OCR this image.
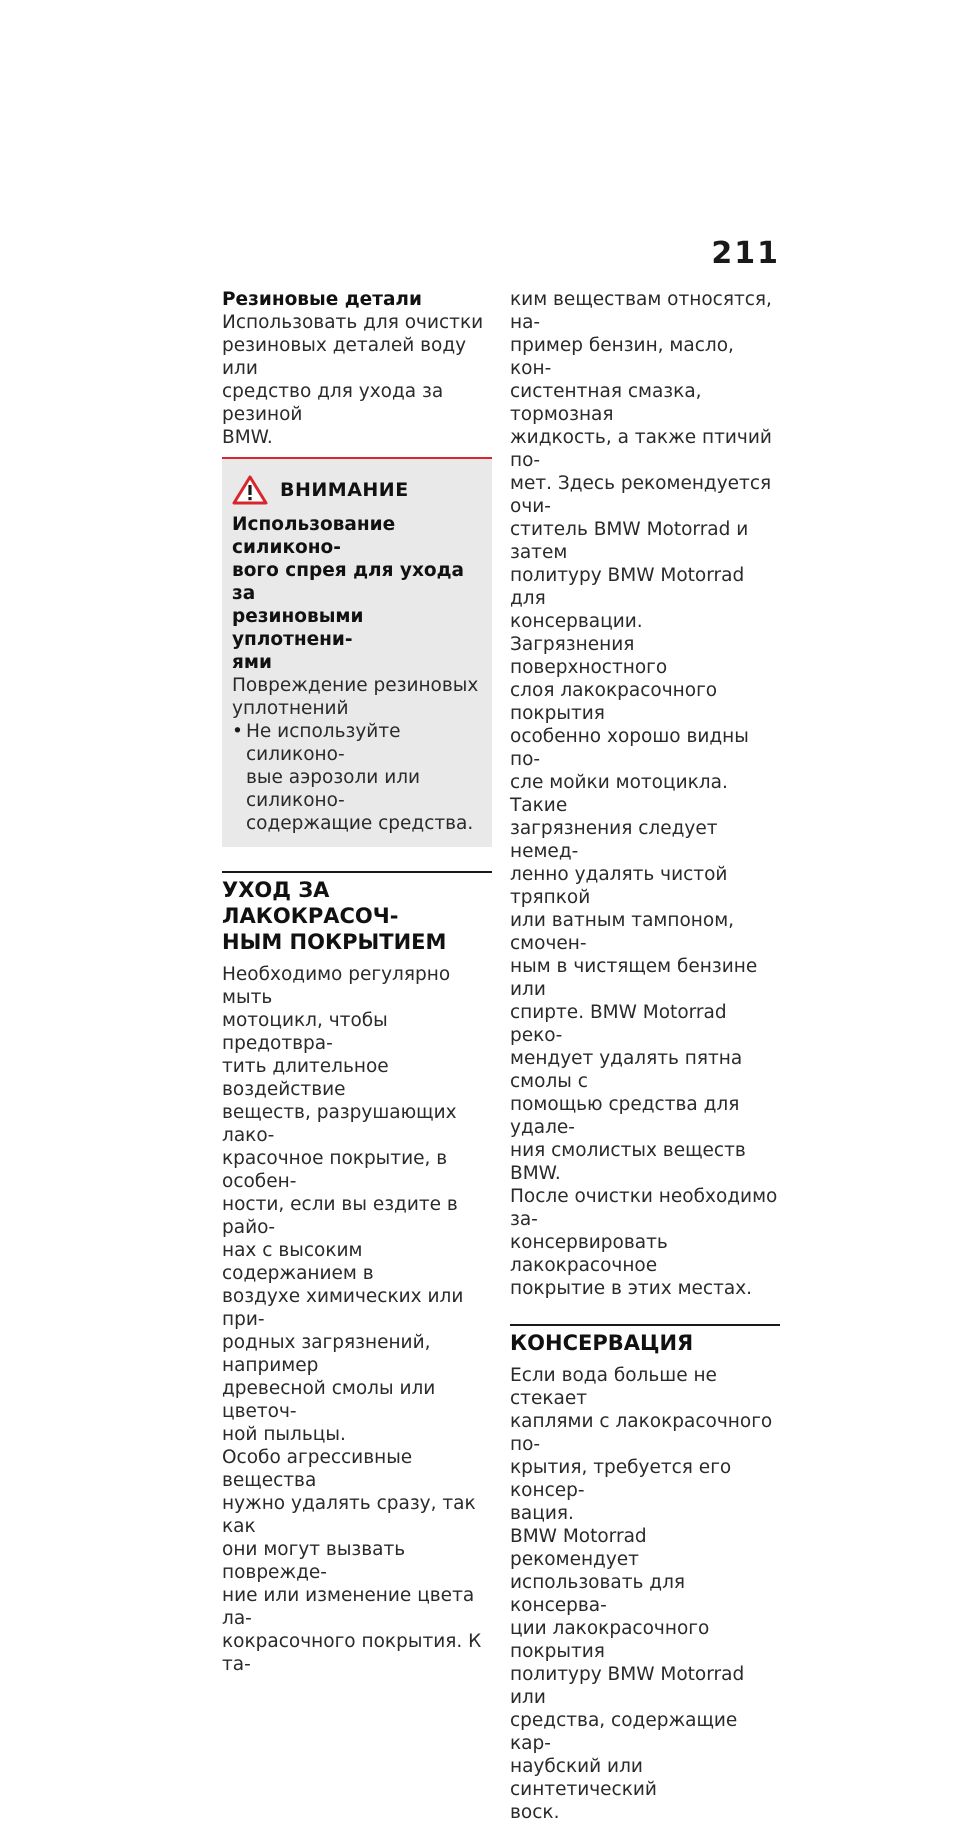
211

Резиновые детали

Использовать для очистки
резиновых деталей воду или
средство для ухода за резиной
BMW.

ВНИМАНИЕ

Использование силиконо-
вого спрея для ухода за
резиновыми уплотнени-
ями

Повреждение резиновых
уплотнений

• Не используйте силиконо-
вые аэрозоли или силиконо-
содержащие средства.

УХОД ЗА ЛАКОКРАСОЧ-
НЫМ ПОКРЫТИЕМ

Необходимо регулярно мыть
мотоцикл, чтобы предотвра-
тить длительное воздействие
веществ, разрушающих лако-
красочное покрытие, в особен-
ности, если вы ездите в райо-
нах с высоким содержанием в
воздухе химических или при-
родных загрязнений, например
древесной смолы или цветоч-
ной пыльцы.

Особо агрессивные вещества
нужно удалять сразу, так как
они могут вызвать поврежде-
ние или изменение цвета ла-
кокрасочного покрытия. К та-

ким веществам относятся, на-
пример бензин, масло, кон-
систентная смазка, тормозная
жидкость, а также птичий по-
мет. Здесь рекомендуется очи-
ститель BMW Motorrad и затем
политуру BMW Motorrad для
консервации.

Загрязнения поверхностного
слоя лакокрасочного покрытия
особенно хорошо видны по-
сле мойки мотоцикла. Такие
загрязнения следует немед-
ленно удалять чистой тряпкой
или ватным тампоном, смочен-
ным в чистящем бензине или
спирте. BMW Motorrad реко-
мендует удалять пятна смолы с
помощью средства для удале-
ния смолистых веществ BMW.

После очистки необходимо за-
консервировать лакокрасочное
покрытие в этих местах.

КОНСЕРВАЦИЯ

Если вода больше не стекает
каплями с лакокрасочного по-
крытия, требуется его консер-
вация.

BMW Motorrad рекомендует
использовать для консерва-
ции лакокрасочного покрытия
политуру BMW Motorrad или
средства, содержащие кар-
наубский или синтетический
воск.
